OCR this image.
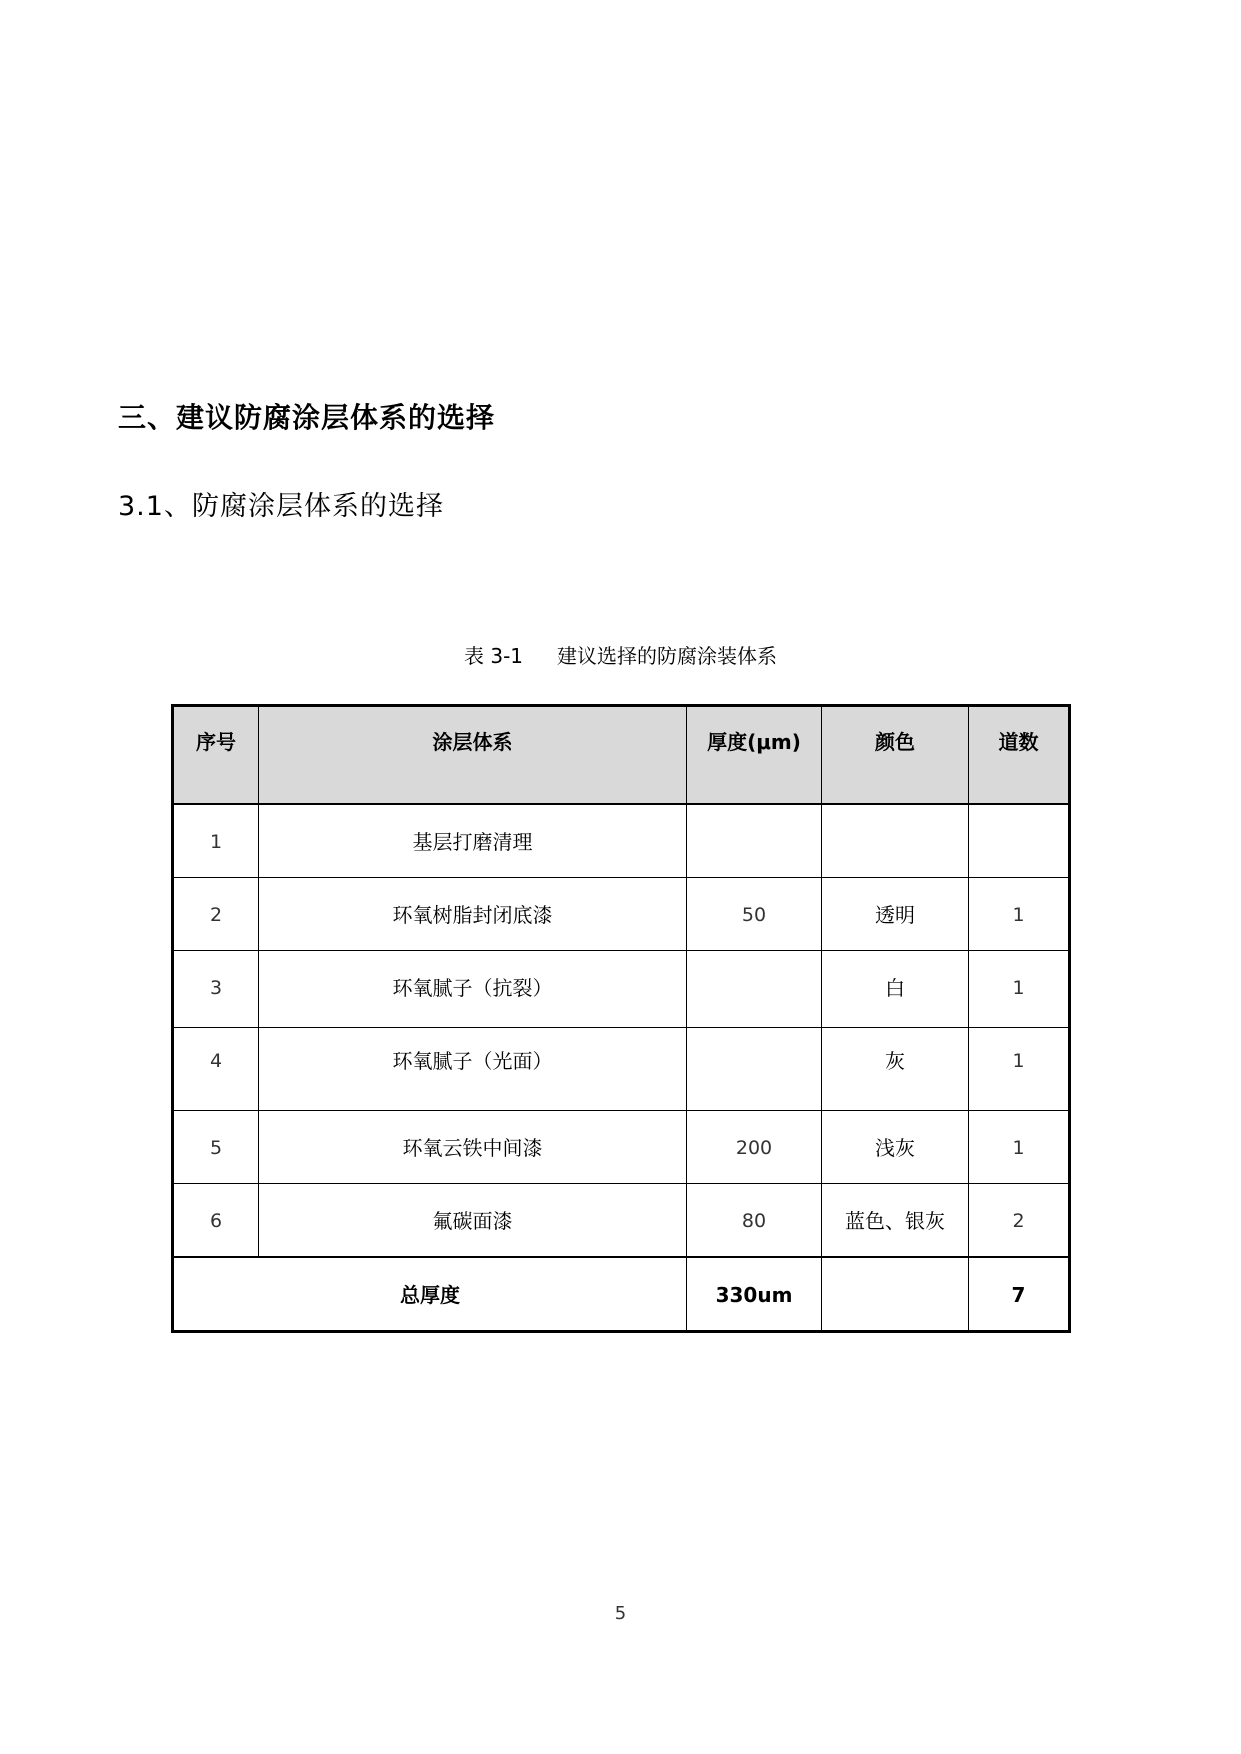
三、建议防腐涂层体系的选择
3.1、防腐涂层体系的选择
表 3-1 建议选择的防腐涂装体系
序号	涂层体系	厚度(μm)	颜色	道数
1	基层打磨清理			
2	环氧树脂封闭底漆	50	透明	1
3	环氧腻子（抗裂）		白	1
4	环氧腻子（光面）		灰	1
5	环氧云铁中间漆	200	浅灰	1
6	氟碳面漆	80	蓝色、银灰	2
总厚度		330um		7
5
